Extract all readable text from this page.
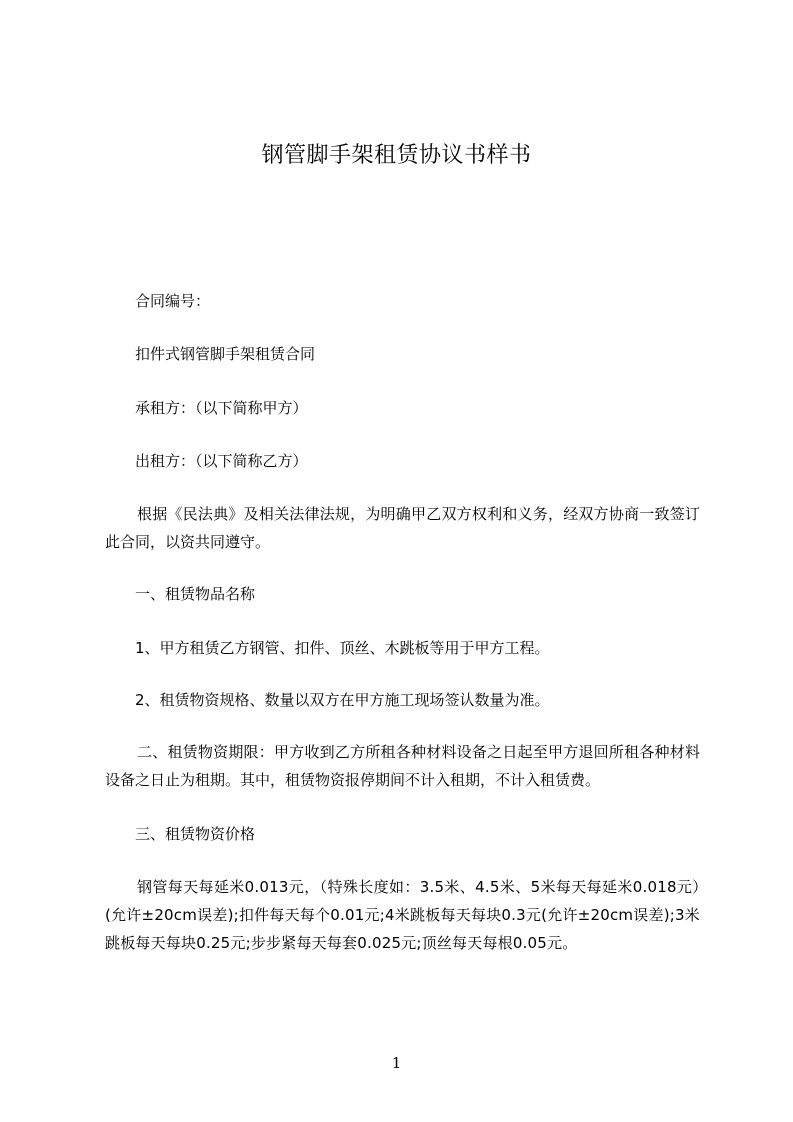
钢管脚手架租赁协议书样书
合同编号：
扣件式钢管脚手架租赁合同
承租方：（以下简称甲方）
出租方：（以下简称乙方）
根据《民法典》及相关法律法规，为明确甲乙双方权利和义务，经双方协商一致签订此合同，以资共同遵守。
一、租赁物品名称
1、甲方租赁乙方钢管、扣件、顶丝、木跳板等用于甲方工程。
2、租赁物资规格、数量以双方在甲方施工现场签认数量为准。
二、租赁物资期限：甲方收到乙方所租各种材料设备之日起至甲方退回所租各种材料设备之日止为租期。其中，租赁物资报停期间不计入租期，不计入租赁费。
三、租赁物资价格
钢管每天每延米0.013元，（特殊长度如：3.5米、4.5米、5米每天每延米0.018元）(允许±20cm误差);扣件每天每个0.01元;4米跳板每天每块0.3元(允许±20cm误差);3米跳板每天每块0.25元;步步紧每天每套0.025元;顶丝每天每根0.05元。
1
